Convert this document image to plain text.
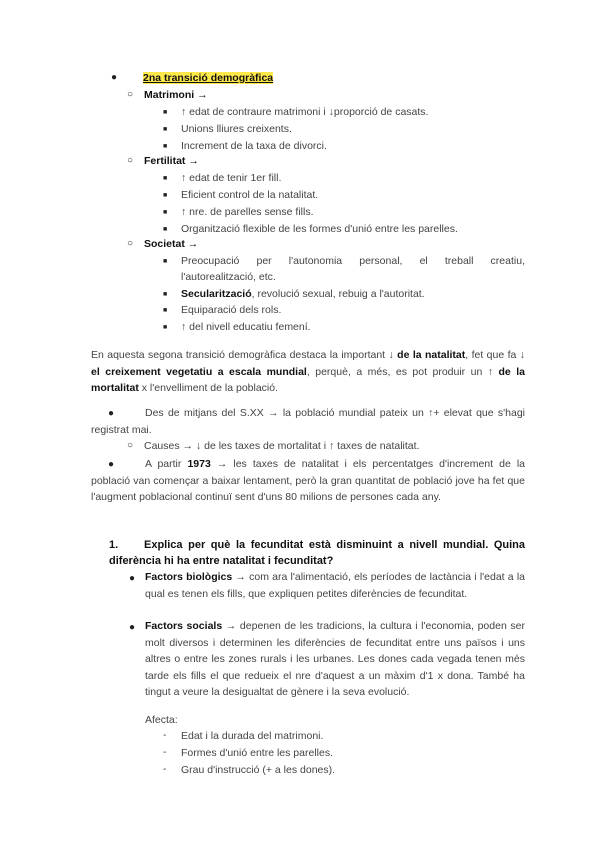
● 2na transició demogràfica
○ Matrimoni →
■ ↑ edat de contraure matrimoni i ↓proporció de casats.
■ Unions lliures creixents.
■ Increment de la taxa de divorci.
○ Fertilitat →
■ ↑ edat de tenir 1er fill.
■ Eficient control de la natalitat.
■ ↑ nre. de parelles sense fills.
■ Organització flexible de les formes d'unió entre les parelles.
○ Societat →
■ Preocupació per l'autonomia personal, el treball creatiu,
l'autorealització, etc.
■ Secularització, revolució sexual, rebuig a l'autoritat.
■ Equiparació dels rols.
■ ↑ del nivell educatiu femení.
En aquesta segona transició demogràfica destaca la important ↓ de la natalitat, fet que fa ↓ el creixement vegetatiu a escala mundial, perquè, a més, es pot produir un ↑ de la mortalitat x l'envelliment de la població.
●	Des de mitjans del S.XX → la població mundial pateix un ↑+ elevat que s'hagi registrat mai.
○ Causes → ↓ de les taxes de mortalitat i ↑ taxes de natalitat.
●	A partir 1973 → les taxes de natalitat i els percentatges d'increment de la població van començar a baixar lentament, però la gran quantitat de població jove ha fet que l'augment poblacional continuï sent d'uns 80 milions de persones cada any.
1.	Explica per què la fecunditat està disminuint a nivell mundial. Quina diferència hi ha entre natalitat i fecunditat?
● Factors biològics → com ara l'alimentació, els períodes de lactància i l'edat a la qual es tenen els fills, que expliquen petites diferències de fecunditat.
● Factors socials → depenen de les tradicions, la cultura i l'economia, poden ser molt diversos i determinen les diferències de fecunditat entre uns països i uns altres o entre les zones rurals i les urbanes. Les dones cada vegada tenen més tarde els fills el que redueix el nre d'aquest a un màxim d'1 x dona. També ha tingut a veure la desigualtat de gènere i la seva evolució.
Afecta:
- Edat i la durada del matrimoni.
- Formes d'unió entre les parelles.
- Grau d'instrucció (+ a les dones).
